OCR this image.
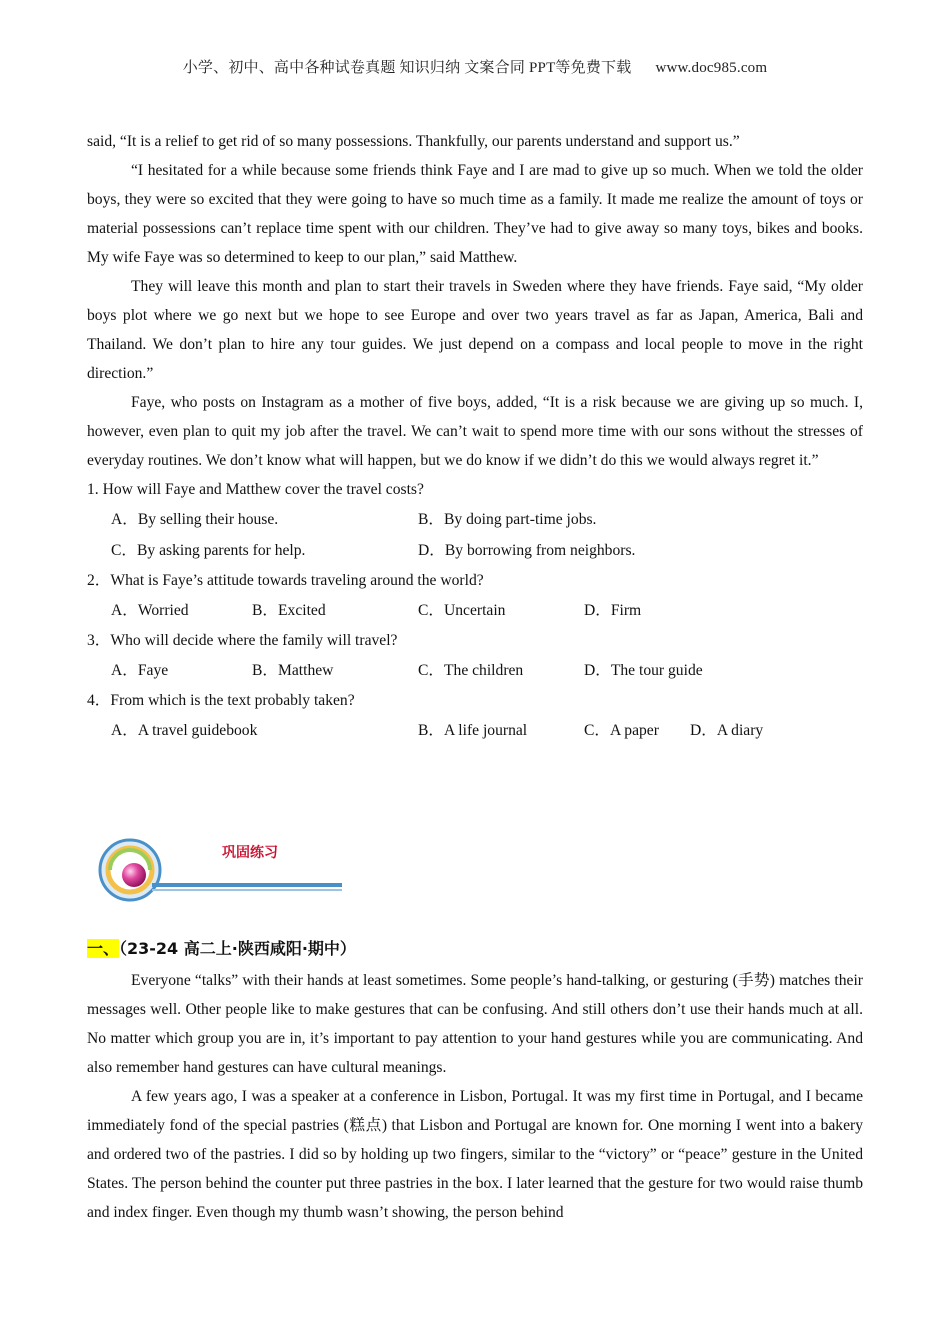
小学、初中、高中各种试卷真题 知识归纳 文案合同 PPT等免费下载 www.doc985.com

said, “It is a relief to get rid of so many possessions. Thankfully, our parents understand and support us.”

“I hesitated for a while because some friends think Faye and I are mad to give up so much. When we told the older boys, they were so excited that they were going to have so much time as a family. It made me realize the amount of toys or material possessions can’t replace time spent with our children. They’ve had to give away so many toys, bikes and books. My wife Faye was so determined to keep to our plan,” said Matthew.

They will leave this month and plan to start their travels in Sweden where they have friends. Faye said, “My older boys plot where we go next but we hope to see Europe and over two years travel as far as Japan, America, Bali and Thailand. We don’t plan to hire any tour guides. We just depend on a compass and local people to move in the right direction.”

Faye, who posts on Instagram as a mother of five boys, added, “It is a risk because we are giving up so much. I, however, even plan to quit my job after the travel. We can’t wait to spend more time with our sons without the stresses of everyday routines. We don’t know what will happen, but we do know if we didn’t do this we would always regret it.”

1. How will Faye and Matthew cover the travel costs?

A．By selling their house.	B．By doing part-time jobs.
C．By asking parents for help.	D．By borrowing from neighbors.

2．What is Faye’s attitude towards traveling around the world?

A．Worried	B．Excited	C．Uncertain	D．Firm

3．Who will decide where the family will travel?

A．Faye	B．Matthew	C．The children	D．The tour guide

4．From which is the text probably taken?

A．A travel guidebook	B．A life journal	C．A paper D．A diary
巩固练习
一、（23-24 高二上·陕西咸阳·期中）

Everyone “talks” with their hands at least sometimes. Some people’s hand-talking, or gesturing (手势) matches their messages well. Other people like to make gestures that can be confusing. And still others don’t use their hands much at all. No matter which group you are in, it’s important to pay attention to your hand gestures while you are communicating. And also remember hand gestures can have cultural meanings.

A few years ago, I was a speaker at a conference in Lisbon, Portugal. It was my first time in Portugal, and I became immediately fond of the special pastries (糕点) that Lisbon and Portugal are known for. One morning I went into a bakery and ordered two of the pastries. I did so by holding up two fingers, similar to the “victory” or “peace” gesture in the United States. The person behind the counter put three pastries in the box. I later learned that the gesture for two would raise thumb and index finger. Even though my thumb wasn’t showing, the person behind
